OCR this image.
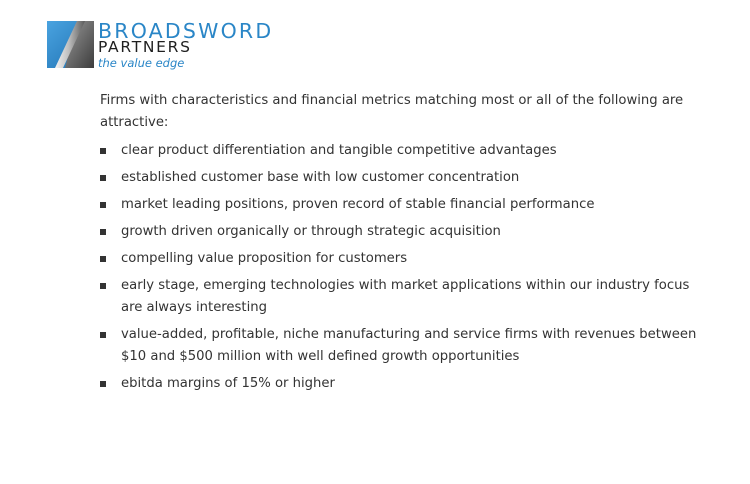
BROADSWORD
PARTNERS
the value edge

Firms with characteristics and financial metrics matching most or all of the following are attractive:

clear product differentiation and tangible competitive advantages
established customer base with low customer concentration
market leading positions, proven record of stable financial performance
growth driven organically or through strategic acquisition
compelling value proposition for customers
early stage, emerging technologies with market applications within our industry focus are always interesting
value-added, profitable, niche manufacturing and service firms with revenues between $10 and $500 million with well defined growth opportunities
ebitda margins of 15% or higher
